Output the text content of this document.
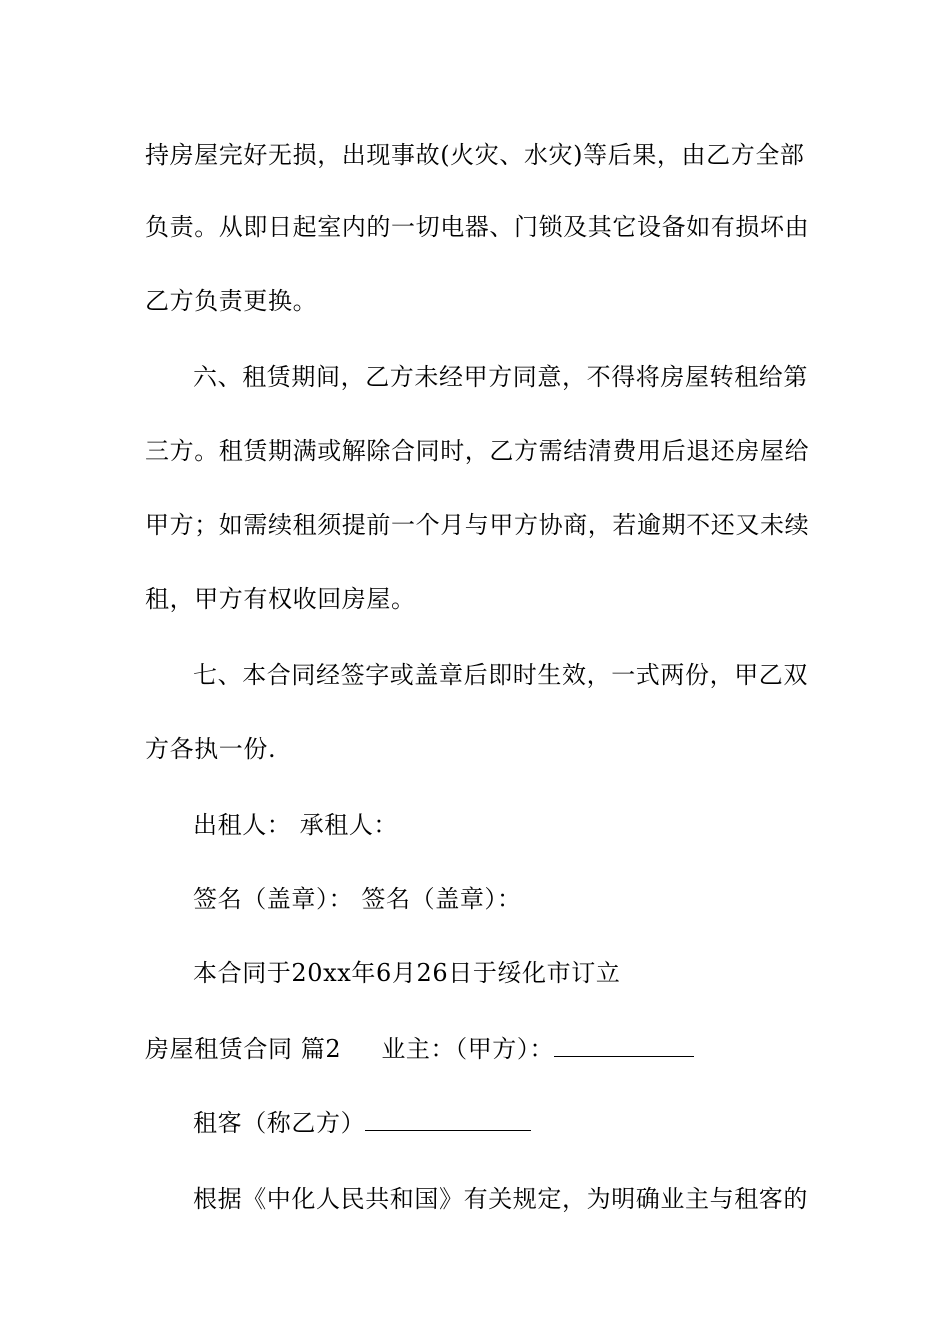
持房屋完好无损，出现事故(火灾、水灾)等后果，由乙方全部
负责。从即日起室内的一切电器、门锁及其它设备如有损坏由
乙方负责更换。
六、租赁期间，乙方未经甲方同意，不得将房屋转租给第
三方。租赁期满或解除合同时，乙方需结清费用后退还房屋给
甲方；如需续租须提前一个月与甲方协商，若逾期不还又未续
租，甲方有权收回房屋。
七、本合同经签字或盖章后即时生效，一式两份，甲乙双
方各执一份.
出租人： 承租人：
签名（盖章）： 签名（盖章）：
本合同于20xx年6月26日于绥化市订立
房屋租赁合同 篇2 业主：（甲方）：
租客（称乙方）
根据《中化人民共和国》有关规定，为明确业主与租客的
